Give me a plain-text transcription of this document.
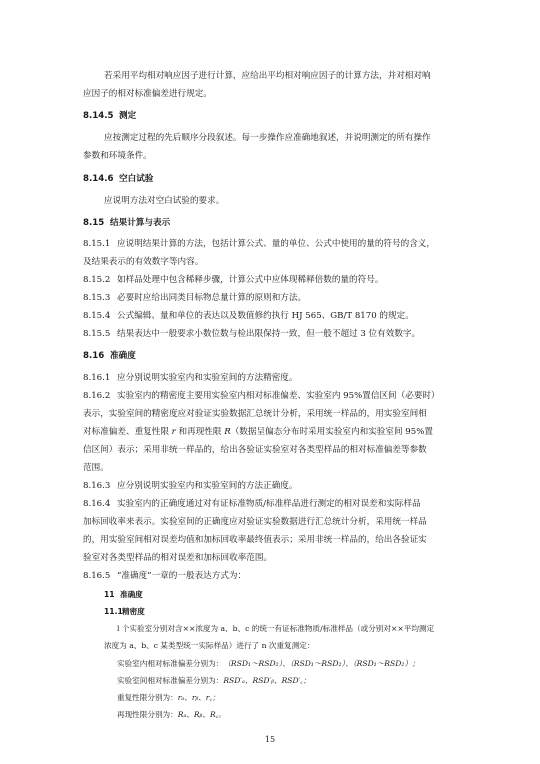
若采用平均相对响应因子进行计算，应给出平均相对响应因子的计算方法，并对相对响
应因子的相对标准偏差进行规定。
8.14.5 测定
应按测定过程的先后顺序分段叙述。每一步操作应准确地叙述，并说明测定的所有操作
参数和环境条件。
8.14.6 空白试验
应说明方法对空白试验的要求。
8.15 结果计算与表示
8.15.1 应说明结果计算的方法，包括计算公式、量的单位、公式中使用的量的符号的含义，
及结果表示的有效数字等内容。
8.15.2 如样品处理中包含稀释步骤，计算公式中应体现稀释倍数的量的符号。
8.15.3 必要时应给出同类目标物总量计算的原则和方法。
8.15.4 公式编辑、量和单位的表达以及数值修约执行 HJ 565、GB/T 8170 的规定。
8.15.5 结果表达中一般要求小数位数与检出限保持一致，但一般不超过 3 位有效数字。
8.16 准确度
8.16.1 应分别说明实验室内和实验室间的方法精密度。
8.16.2 实验室内的精密度主要用实验室内相对标准偏差、实验室内 95%置信区间（必要时）
表示，实验室间的精密度应对验证实验数据汇总统计分析，采用统一样品的，用实验室间相
对标准偏差、重复性限 r 和再现性限 R（数据呈偏态分布时采用实验室内和实验室间 95%置
信区间）表示；采用非统一样品的，给出各验证实验室对各类型样品的相对标准偏差等参数
范围。
8.16.3 应分别说明实验室内和实验室间的方法正确度。
8.16.4 实验室内的正确度通过对有证标准物质/标准样品进行测定的相对误差和实际样品
加标回收率来表示。实验室间的正确度应对验证实验数据进行汇总统计分析，采用统一样品
的，用实验室间相对误差均值和加标回收率最终值表示；采用非统一样品的，给出各验证实
验室对各类型样品的相对误差和加标回收率范围。
8.16.5 “准确度”一章的一般表达方式为：
11 准确度
11.1精密度
l 个实验室分别对含××浓度为 a、b、c 的统一有证标准物质/标准样品（或分别对××平均测定
浓度为 a、b、c 某类型统一实际样品）进行了 n 次重复测定：
实验室内相对标准偏差分别为：（RSD₁～RSD₂）、（RSD₁～RSD₂）、（RSD₁～RSD₂）；
实验室间相对标准偏差分别为：RSD′ₐ、RSD′ᵦ、RSD′꜀；
重复性限分别为：rₐ、rᵦ、r꜀；
再现性限分别为：Rₐ、Rᵦ、R꜀。
15
